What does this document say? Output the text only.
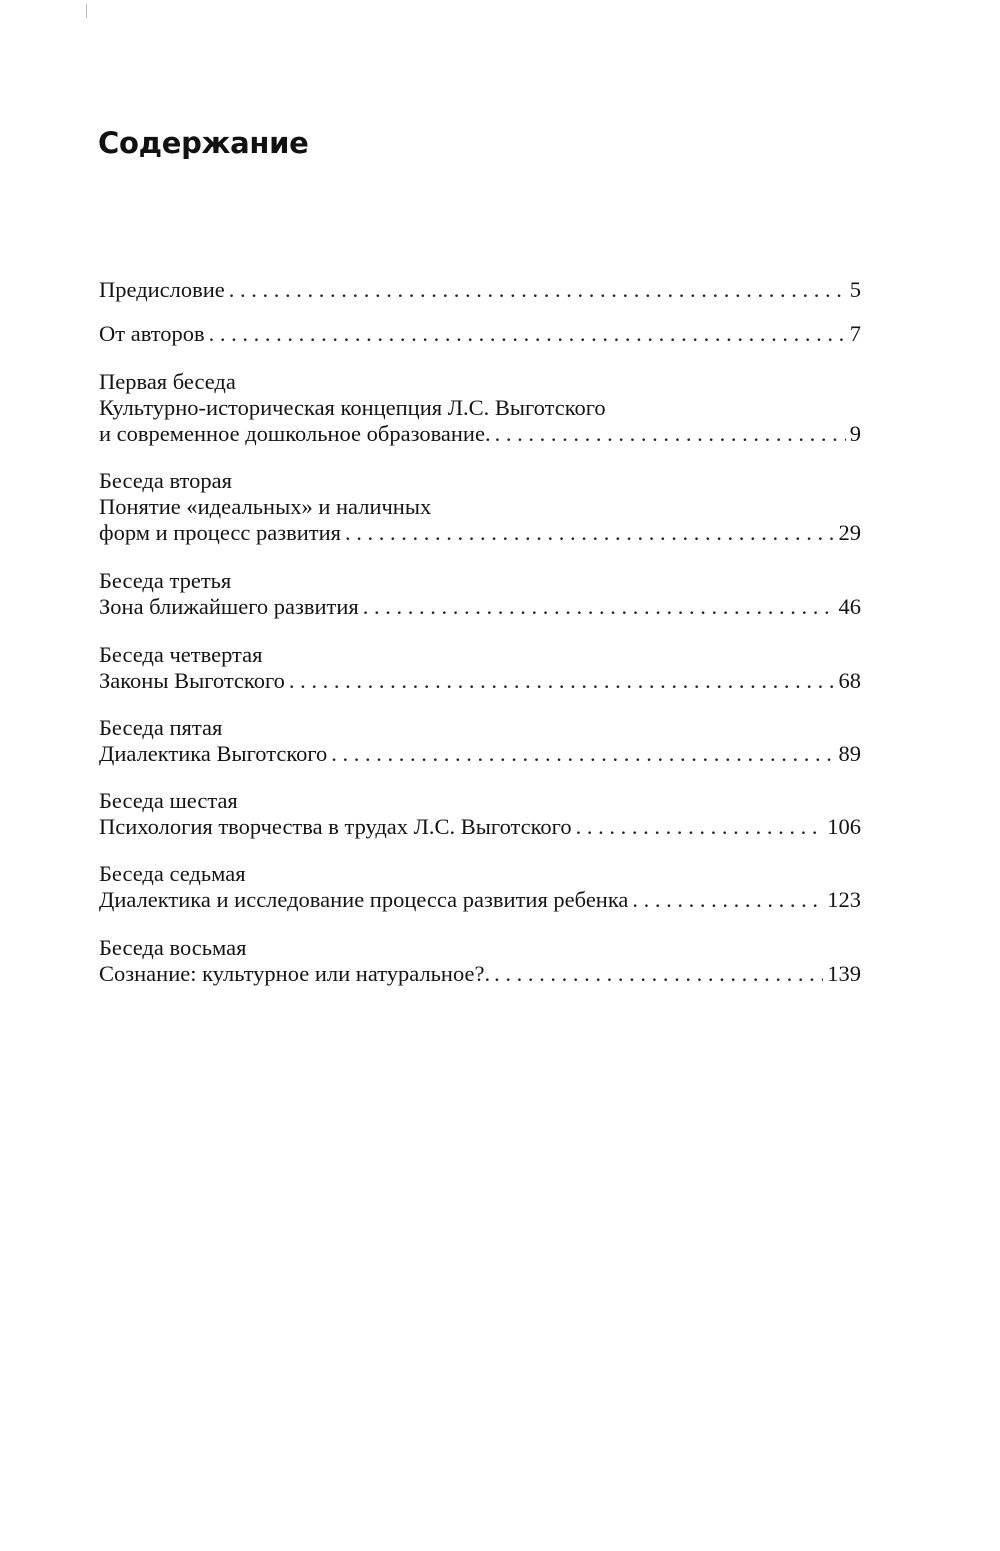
Содержание
Предисловие . . .	5
От авторов . . .	7
Первая беседа
Культурно-историческая концепция Л.С. Выготского
и современное дошкольное образование. . . .	9
Беседа вторая
Понятие «идеальных» и наличных
форм и процесс развития . . .	29
Беседа третья
Зона ближайшего развития . . .	46
Беседа четвертая
Законы Выготского . . .	68
Беседа пятая
Диалектика Выготского . . .	89
Беседа шестая
Психология творчества в трудах Л.С. Выготского . . .	106
Беседа седьмая
Диалектика и исследование процесса развития ребенка . . .	123
Беседа восьмая
Сознание: культурное или натуральное?. . . .	139
